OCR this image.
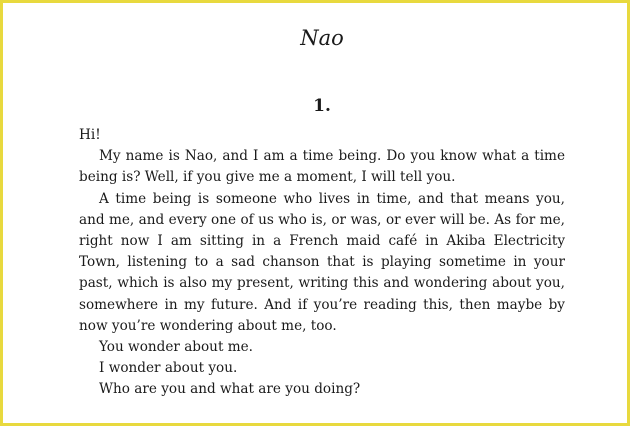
Nao
1.

Hi!

My name is Nao, and I am a time being. Do you know what a time being is? Well, if you give me a moment, I will tell you.

A time being is someone who lives in time, and that means you, and me, and every one of us who is, or was, or ever will be. As for me, right now I am sitting in a French maid café in Akiba Electricity Town, listening to a sad chanson that is playing sometime in your past, which is also my present, writing this and wondering about you, somewhere in my future. And if you’re reading this, then maybe by now you’re wondering about me, too.

You wonder about me.

I wonder about you.

Who are you and what are you doing?
